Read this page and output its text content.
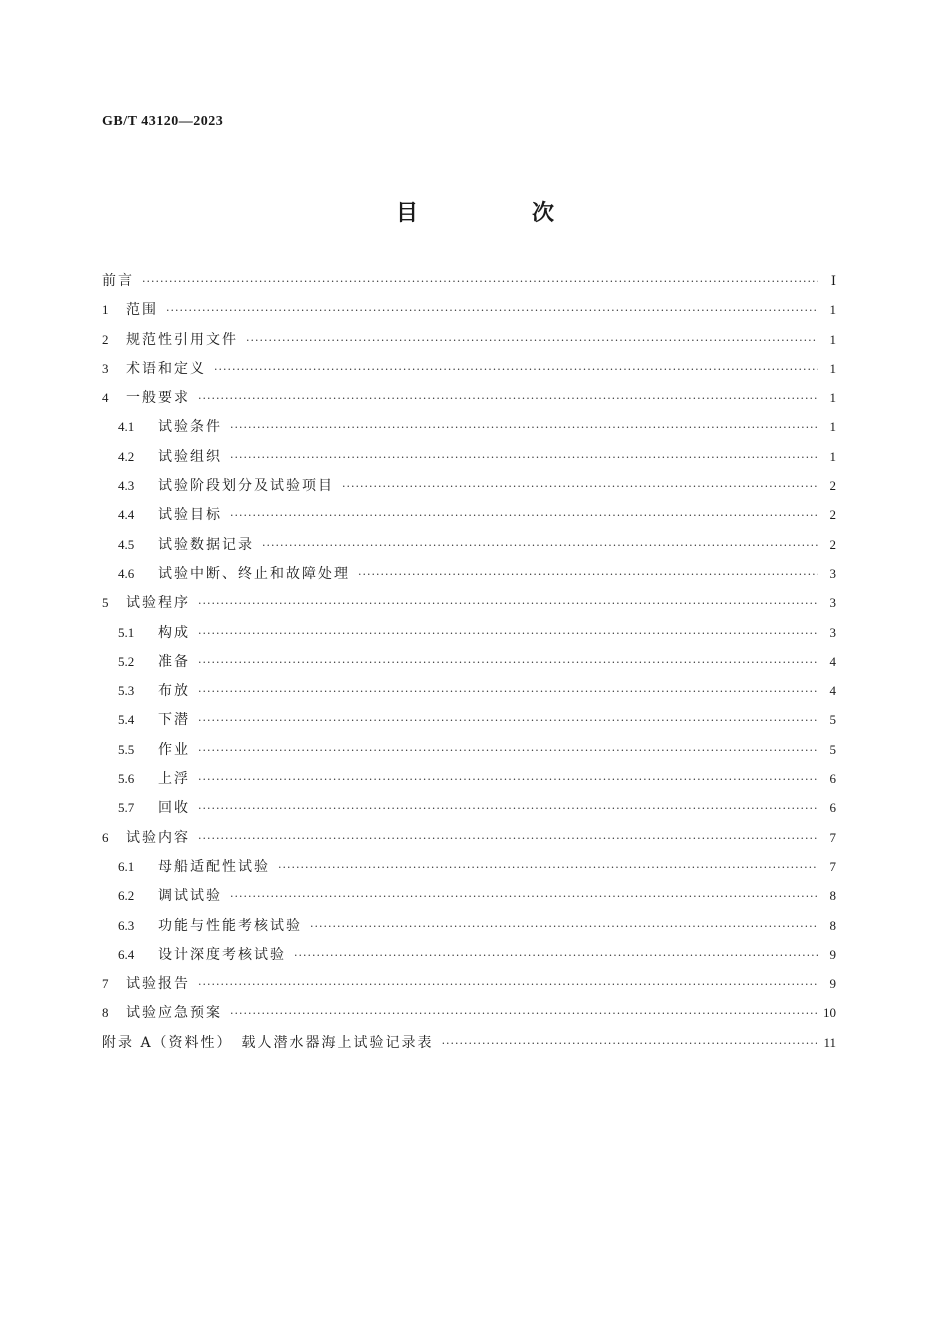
GB/T 43120—2023
目　次
前言 ·····	Ⅰ
1	范围 ·····	1
2	规范性引用文件 ·····	1
3	术语和定义 ·····	1
4	一般要求 ·····	1
4.1	试验条件 ·····	1
4.2	试验组织 ·····	1
4.3	试验阶段划分及试验项目 ·····	2
4.4	试验目标 ·····	2
4.5	试验数据记录 ·····	2
4.6	试验中断、终止和故障处理 ·····	3
5	试验程序 ·····	3
5.1	构成 ·····	3
5.2	准备 ·····	4
5.3	布放 ·····	4
5.4	下潜 ·····	5
5.5	作业 ·····	5
5.6	上浮 ·····	6
5.7	回收 ·····	6
6	试验内容 ·····	7
6.1	母船适配性试验 ·····	7
6.2	调试试验 ·····	8
6.3	功能与性能考核试验 ·····	8
6.4	设计深度考核试验 ·····	9
7	试验报告 ·····	9
8	试验应急预案 ·····	10
附录 A（资料性）　载人潜水器海上试验记录表 ·····	11
